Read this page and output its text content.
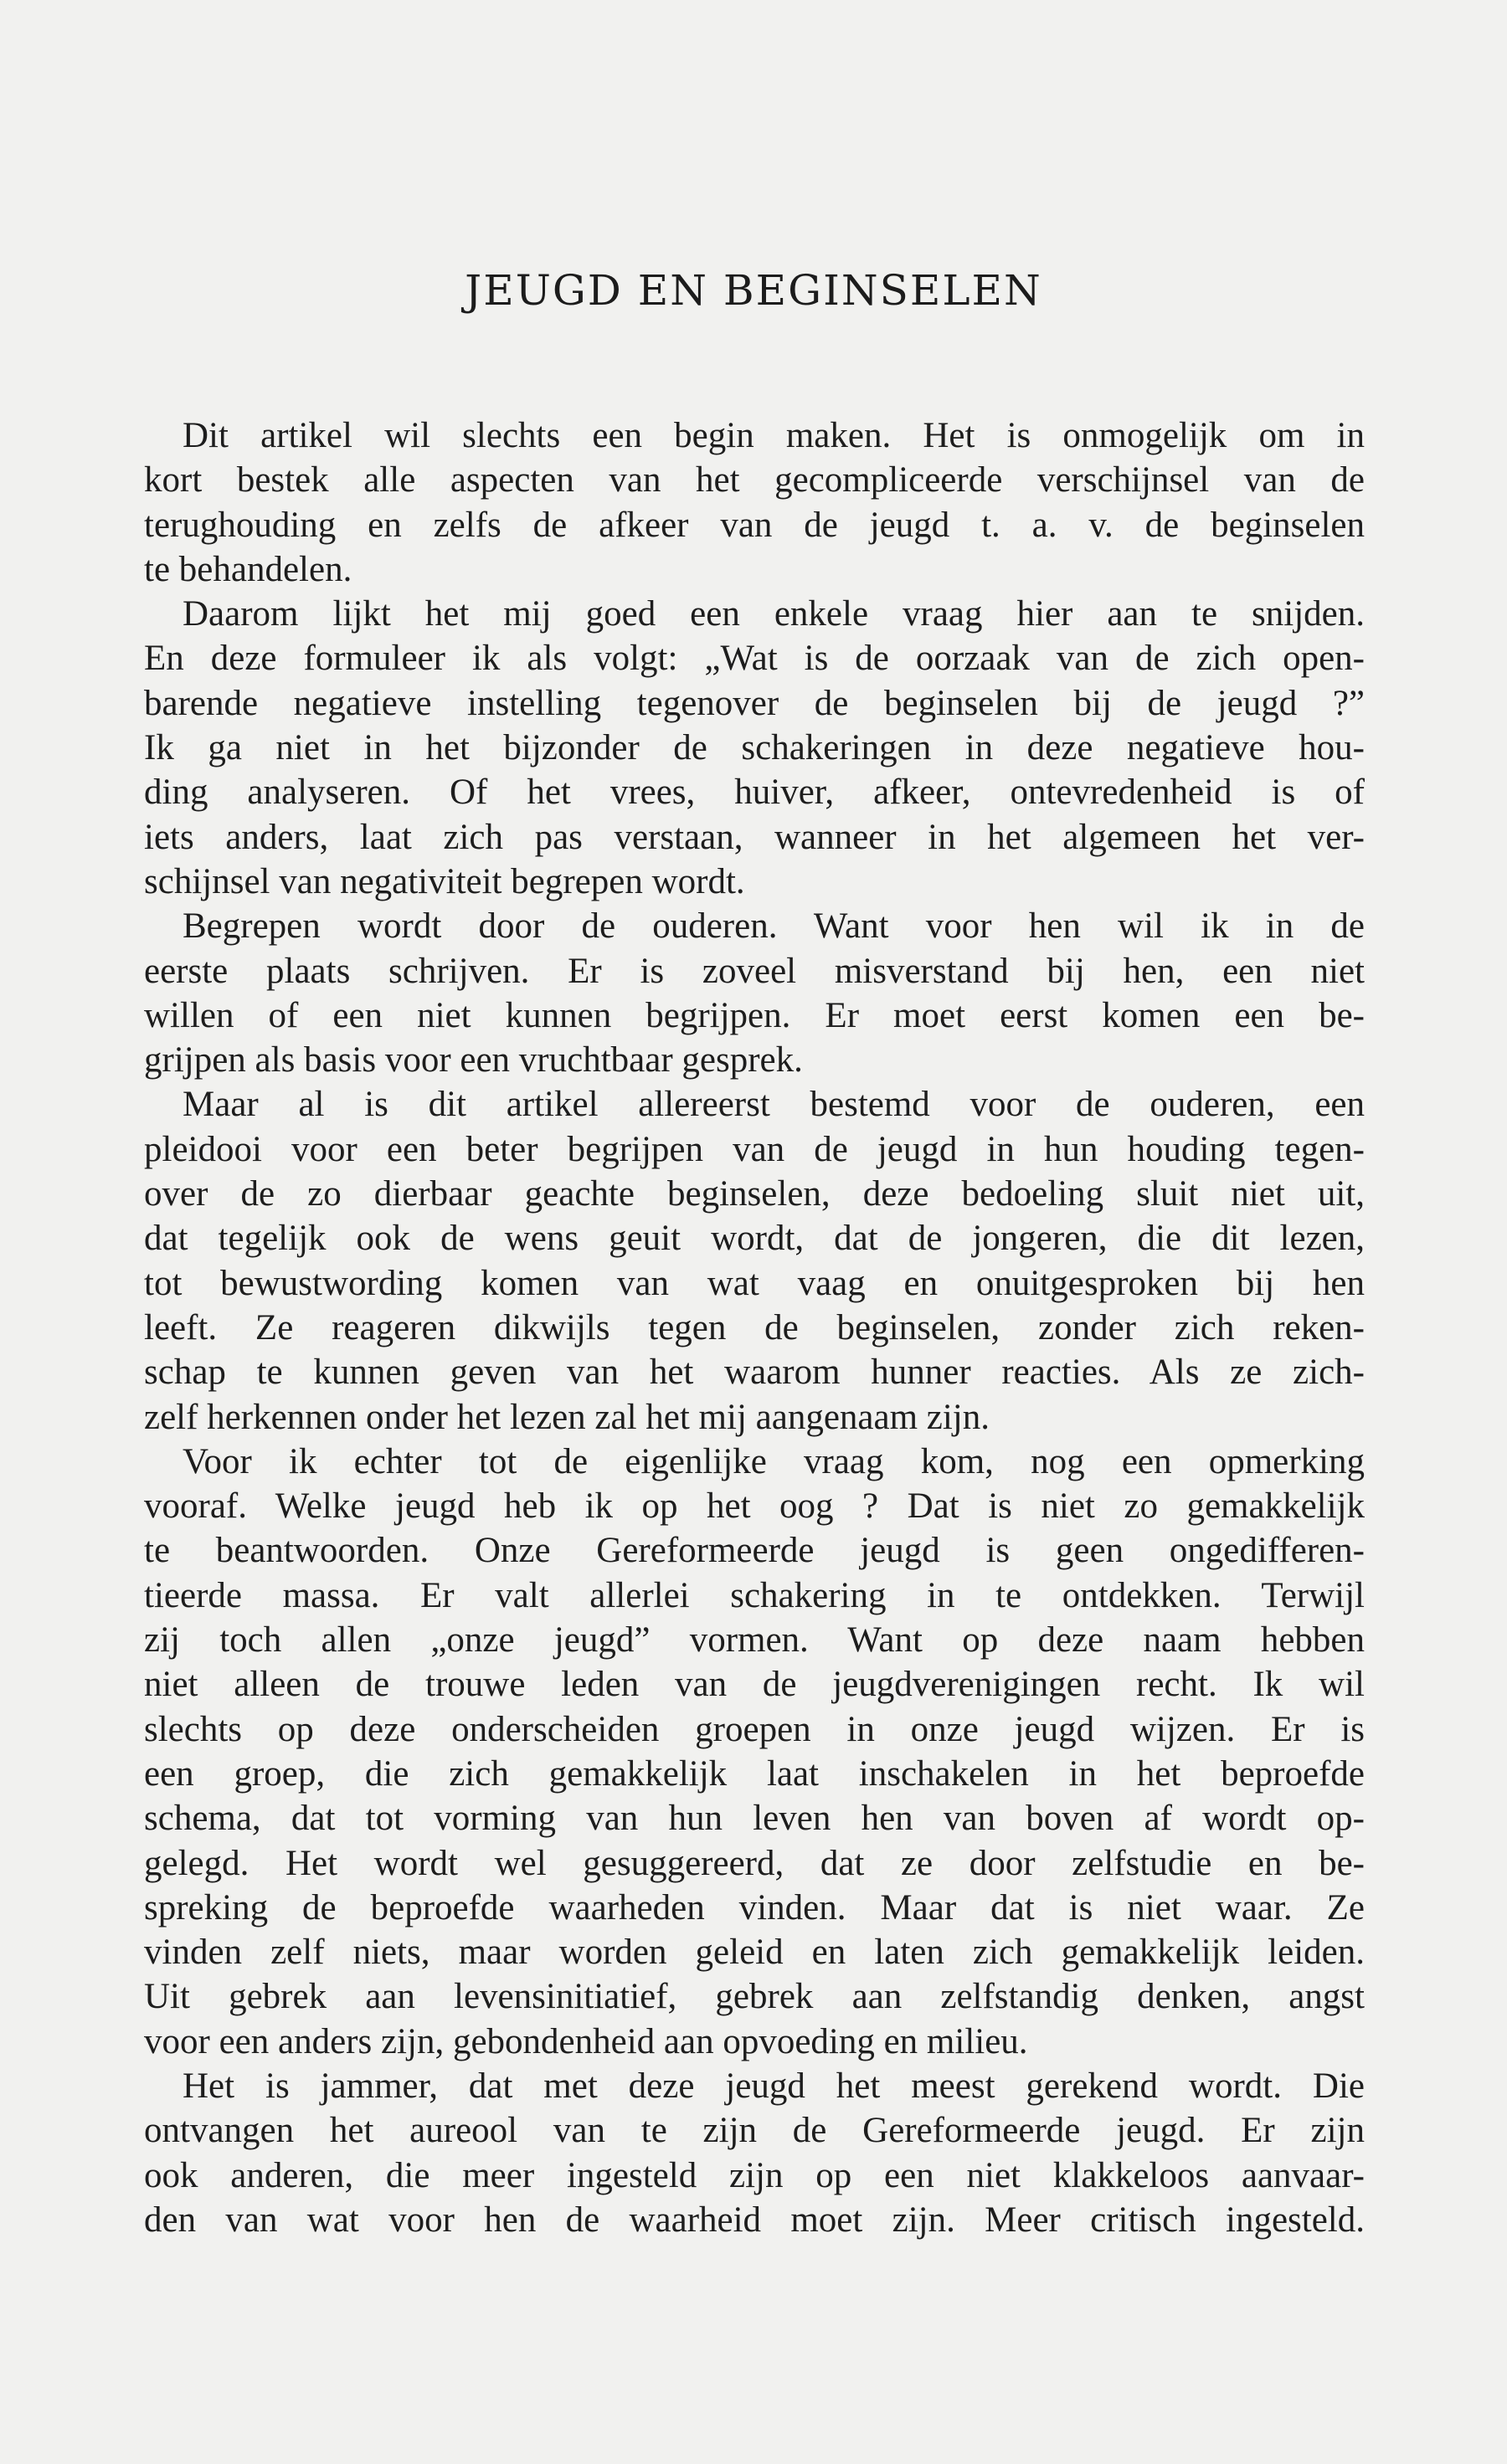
JEUGD EN BEGINSELEN
Dit artikel wil slechts een begin maken. Het is onmogelijk om in
kort bestek alle aspecten van het gecompliceerde verschijnsel van de
terughouding en zelfs de afkeer van de jeugd t. a. v. de beginselen
te behandelen.
Daarom lijkt het mij goed een enkele vraag hier aan te snijden.
En deze formuleer ik als volgt: „Wat is de oorzaak van de zich open-
barende negatieve instelling tegenover de beginselen bij de jeugd ?”
Ik ga niet in het bijzonder de schakeringen in deze negatieve hou-
ding analyseren. Of het vrees, huiver, afkeer, ontevredenheid is of
iets anders, laat zich pas verstaan, wanneer in het algemeen het ver-
schijnsel van negativiteit begrepen wordt.
Begrepen wordt door de ouderen. Want voor hen wil ik in de
eerste plaats schrijven. Er is zoveel misverstand bij hen, een niet
willen of een niet kunnen begrijpen. Er moet eerst komen een be-
grijpen als basis voor een vruchtbaar gesprek.
Maar al is dit artikel allereerst bestemd voor de ouderen, een
pleidooi voor een beter begrijpen van de jeugd in hun houding tegen-
over de zo dierbaar geachte beginselen, deze bedoeling sluit niet uit,
dat tegelijk ook de wens geuit wordt, dat de jongeren, die dit lezen,
tot bewustwording komen van wat vaag en onuitgesproken bij hen
leeft. Ze reageren dikwijls tegen de beginselen, zonder zich reken-
schap te kunnen geven van het waarom hunner reacties. Als ze zich-
zelf herkennen onder het lezen zal het mij aangenaam zijn.
Voor ik echter tot de eigenlijke vraag kom, nog een opmerking
vooraf. Welke jeugd heb ik op het oog ? Dat is niet zo gemakkelijk
te beantwoorden. Onze Gereformeerde jeugd is geen ongedifferen-
tieerde massa. Er valt allerlei schakering in te ontdekken. Terwijl
zij toch allen „onze jeugd” vormen. Want op deze naam hebben
niet alleen de trouwe leden van de jeugdverenigingen recht. Ik wil
slechts op deze onderscheiden groepen in onze jeugd wijzen. Er is
een groep, die zich gemakkelijk laat inschakelen in het beproefde
schema, dat tot vorming van hun leven hen van boven af wordt op-
gelegd. Het wordt wel gesuggereerd, dat ze door zelfstudie en be-
spreking de beproefde waarheden vinden. Maar dat is niet waar. Ze
vinden zelf niets, maar worden geleid en laten zich gemakkelijk leiden.
Uit gebrek aan levensinitiatief, gebrek aan zelfstandig denken, angst
voor een anders zijn, gebondenheid aan opvoeding en milieu.
Het is jammer, dat met deze jeugd het meest gerekend wordt. Die
ontvangen het aureool van te zijn de Gereformeerde jeugd. Er zijn
ook anderen, die meer ingesteld zijn op een niet klakkeloos aanvaar-
den van wat voor hen de waarheid moet zijn. Meer critisch ingesteld.
